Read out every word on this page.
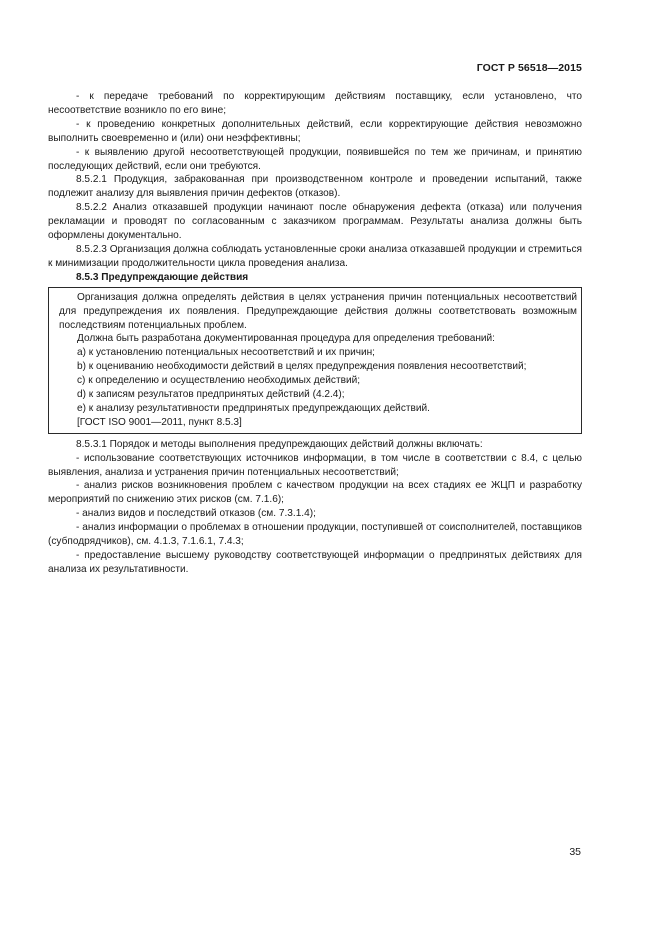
ГОСТ Р 56518—2015

- к передаче требований по корректирующим действиям поставщику, если установлено, что несоответствие возникло по его вине;

- к проведению конкретных дополнительных действий, если корректирующие действия невозможно выполнить своевременно и (или) они неэффективны;

- к выявлению другой несоответствующей продукции, появившейся по тем же причинам, и принятию последующих действий, если они требуются.

8.5.2.1 Продукция, забракованная при производственном контроле и проведении испытаний, также подлежит анализу для выявления причин дефектов (отказов).

8.5.2.2 Анализ отказавшей продукции начинают после обнаружения дефекта (отказа) или получения рекламации и проводят по согласованным с заказчиком программам. Результаты анализа должны быть оформлены документально.

8.5.2.3 Организация должна соблюдать установленные сроки анализа отказавшей продукции и стремиться к минимизации продолжительности цикла проведения анализа.

8.5.3 Предупреждающие действия

Организация должна определять действия в целях устранения причин потенциальных несоответствий для предупреждения их появления. Предупреждающие действия должны соответствовать возможным последствиям потенциальных проблем.

Должна быть разработана документированная процедура для определения требований:

a) к установлению потенциальных несоответствий и их причин;

b) к оцениванию необходимости действий в целях предупреждения появления несоответствий;

c) к определению и осуществлению необходимых действий;

d) к записям результатов предпринятых действий (4.2.4);

e) к анализу результативности предпринятых предупреждающих действий.

[ГОСТ ISO 9001—2011, пункт 8.5.3]

8.5.3.1 Порядок и методы выполнения предупреждающих действий должны включать:

- использование соответствующих источников информации, в том числе в соответствии с 8.4, с целью выявления, анализа и устранения причин потенциальных несоответствий;

- анализ рисков возникновения проблем с качеством продукции на всех стадиях ее ЖЦП и разработку мероприятий по снижению этих рисков (см. 7.1.6);

- анализ видов и последствий отказов (см. 7.3.1.4);

- анализ информации о проблемах в отношении продукции, поступившей от соисполнителей, поставщиков (субподрядчиков), см. 4.1.3, 7.1.6.1, 7.4.3;

- предоставление высшему руководству соответствующей информации о предпринятых действиях для анализа их результативности.

35
